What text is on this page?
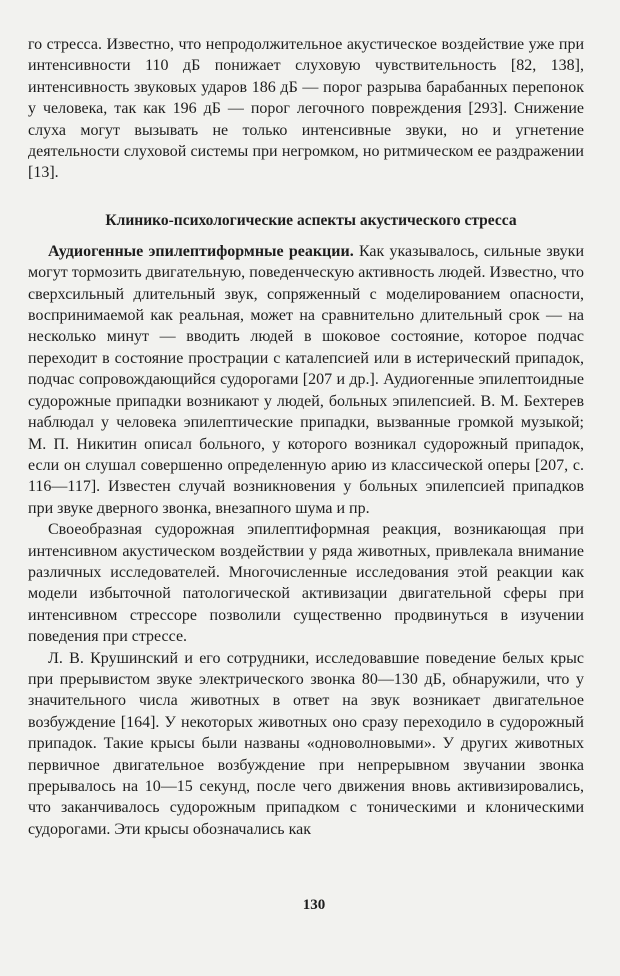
го стресса. Известно, что непродолжительное акустическое воздействие уже при интенсивности 110 дБ понижает слуховую чувствительность [82, 138], интенсивность звуковых ударов 186 дБ — порог разрыва барабанных перепонок у человека, так как 196 дБ — порог легочного повреждения [293]. Снижение слуха могут вызывать не только интенсивные звуки, но и угнетение деятельности слуховой системы при негромком, но ритмическом ее раздражении [13].

Клинико-психологические аспекты акустического стресса

Аудиогенные эпилептиформные реакции. Как указывалось, сильные звуки могут тормозить двигательную, поведенческую активность людей. Известно, что сверхсильный длительный звук, сопряженный с моделированием опасности, воспринимаемой как реальная, может на сравнительно длительный срок — на несколько минут — вводить людей в шоковое состояние, которое подчас переходит в состояние прострации с каталепсией или в истерический припадок, подчас сопровождающийся судорогами [207 и др.]. Аудиогенные эпилептоидные судорожные припадки возникают у людей, больных эпилепсией. В. М. Бехтерев наблюдал у человека эпилептические припадки, вызванные громкой музыкой; М. П. Никитин описал больного, у которого возникал судорожный припадок, если он слушал совершенно определенную арию из классической оперы [207, с. 116—117]. Известен случай возникновения у больных эпилепсией припадков при звуке дверного звонка, внезапного шума и пр.

Своеобразная судорожная эпилептиформная реакция, возникающая при интенсивном акустическом воздействии у ряда животных, привлекала внимание различных исследователей. Многочисленные исследования этой реакции как модели избыточной патологической активизации двигательной сферы при интенсивном стрессоре позволили существенно продвинуться в изучении поведения при стрессе.

Л. В. Крушинский и его сотрудники, исследовавшие поведение белых крыс при прерывистом звуке электрического звонка 80—130 дБ, обнаружили, что у значительного числа животных в ответ на звук возникает двигательное возбуждение [164]. У некоторых животных оно сразу переходило в судорожный припадок. Такие крысы были названы «одноволновыми». У других животных первичное двигательное возбуждение при непрерывном звучании звонка прерывалось на 10—15 секунд, после чего движения вновь активизировались, что заканчивалось судорожным припадком с тоническими и клоническими судорогами. Эти крысы обозначались как

130
